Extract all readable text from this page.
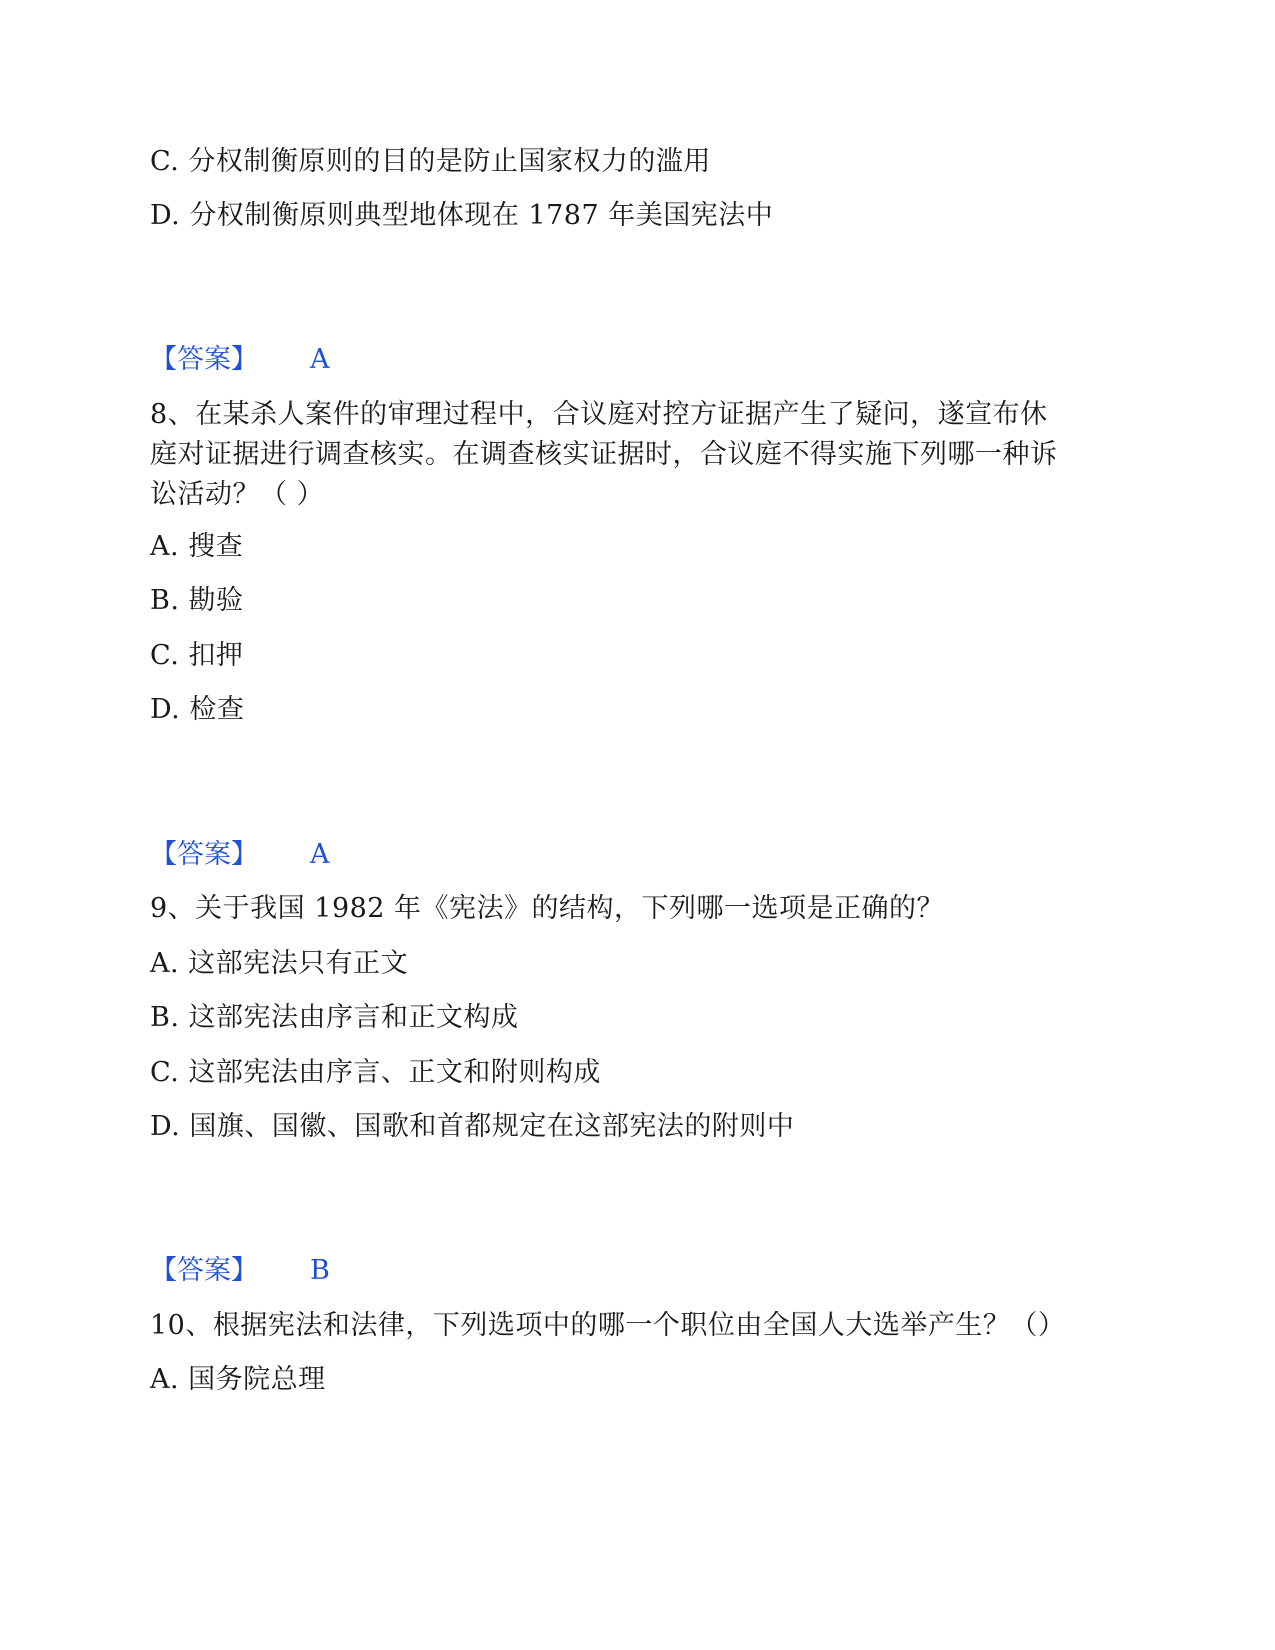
C. 分权制衡原则的目的是防止国家权力的滥用
D. 分权制衡原则典型地体现在 1787 年美国宪法中
【答案】 A
8、在某杀人案件的审理过程中，合议庭对控方证据产生了疑问，遂宣布休
庭对证据进行调查核实。在调查核实证据时，合议庭不得实施下列哪一种诉
讼活动？（ ）
A. 搜查
B. 勘验
C. 扣押
D. 检查
【答案】 A
9、关于我国 1982 年《宪法》的结构，下列哪一选项是正确的？
A. 这部宪法只有正文
B. 这部宪法由序言和正文构成
C. 这部宪法由序言、正文和附则构成
D. 国旗、国徽、国歌和首都规定在这部宪法的附则中
【答案】 B
10、根据宪法和法律，下列选项中的哪一个职位由全国人大选举产生？（）
A. 国务院总理
